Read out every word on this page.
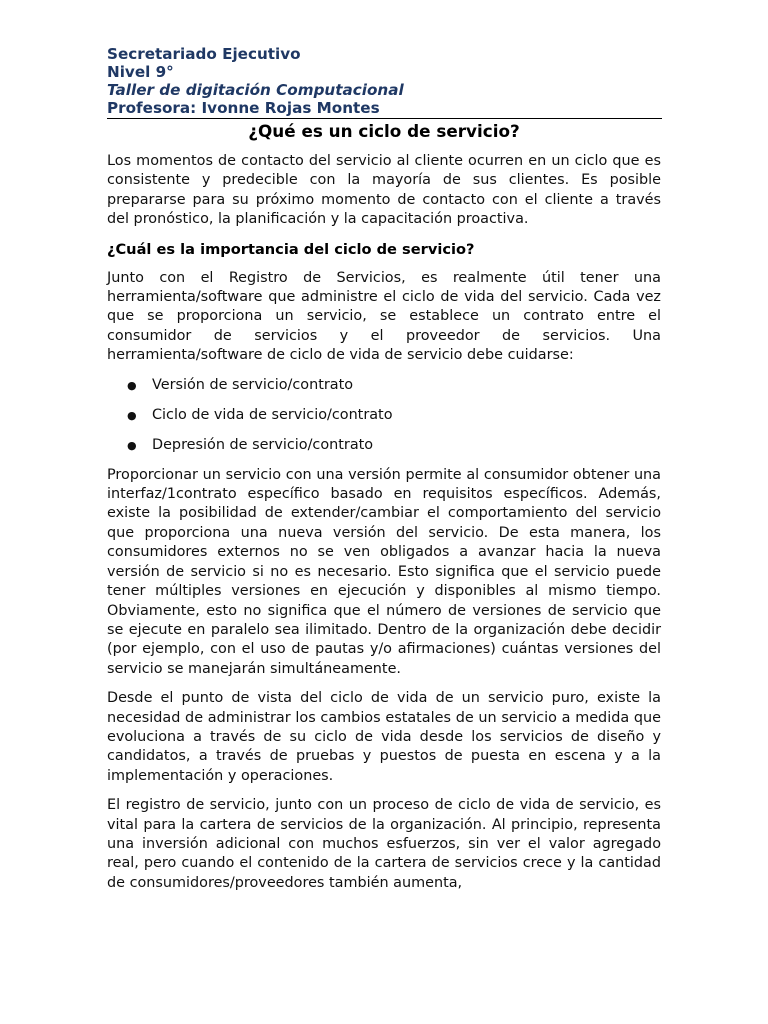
Secretariado Ejecutivo
Nivel 9°
Taller de digitación Computacional
Profesora: Ivonne Rojas Montes
¿Qué es un ciclo de servicio?

Los momentos de contacto del servicio al cliente ocurren en un ciclo que es consistente y predecible con la mayoría de sus clientes. Es posible prepararse para su próximo momento de contacto con el cliente a través del pronóstico, la planificación y la capacitación proactiva.

¿Cuál es la importancia del ciclo de servicio?

Junto con el Registro de Servicios, es realmente útil tener una herramienta/software que administre el ciclo de vida del servicio. Cada vez que se proporciona un servicio, se establece un contrato entre el consumidor de servicios y el proveedor de servicios. Una herramienta/software de ciclo de vida de servicio debe cuidarse:

● Versión de servicio/contrato
● Ciclo de vida de servicio/contrato
● Depresión de servicio/contrato

Proporcionar un servicio con una versión permite al consumidor obtener una interfaz/1contrato específico basado en requisitos específicos. Además, existe la posibilidad de extender/cambiar el comportamiento del servicio que proporciona una nueva versión del servicio. De esta manera, los consumidores externos no se ven obligados a avanzar hacia la nueva versión de servicio si no es necesario. Esto significa que el servicio puede tener múltiples versiones en ejecución y disponibles al mismo tiempo. Obviamente, esto no significa que el número de versiones de servicio que se ejecute en paralelo sea ilimitado. Dentro de la organización debe decidir (por ejemplo, con el uso de pautas y/o afirmaciones) cuántas versiones del servicio se manejarán simultáneamente.

Desde el punto de vista del ciclo de vida de un servicio puro, existe la necesidad de administrar los cambios estatales de un servicio a medida que evoluciona a través de su ciclo de vida desde los servicios de diseño y candidatos, a través de pruebas y puestos de puesta en escena y a la implementación y operaciones.

El registro de servicio, junto con un proceso de ciclo de vida de servicio, es vital para la cartera de servicios de la organización. Al principio, representa una inversión adicional con muchos esfuerzos, sin ver el valor agregado real, pero cuando el contenido de la cartera de servicios crece y la cantidad de consumidores/proveedores también aumenta,
